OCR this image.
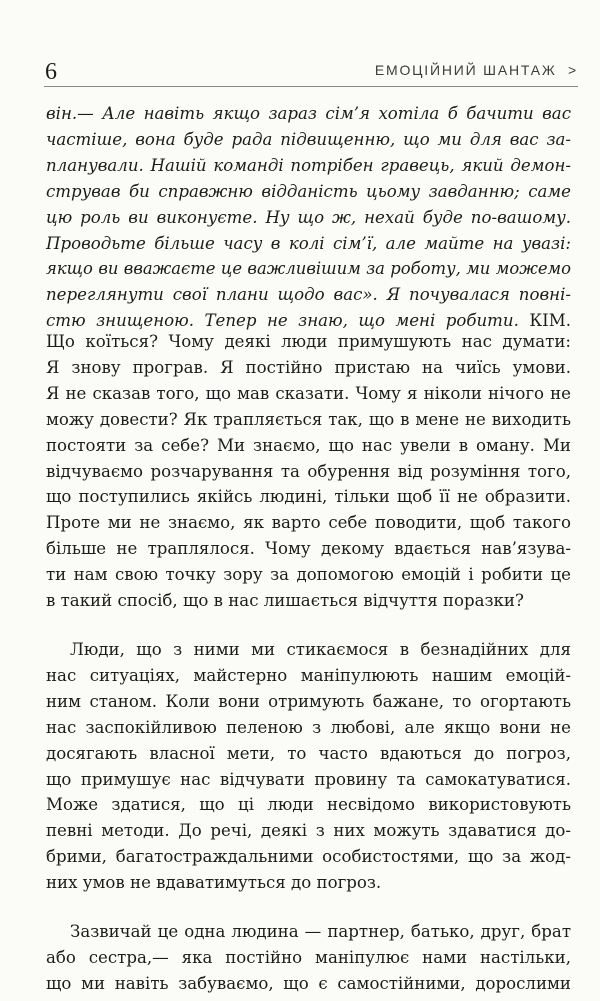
6	ЕМОЦІЙНИЙ ШАНТАЖ >
він.— Але навіть якщо зараз сім’я хотіла б бачити вас
частіше, вона буде рада підвищенню, що ми для вас за-
планували. Нашій команді потрібен гравець, який демон-
стрував би справжню відданість цьому завданню; саме
цю роль ви виконуєте. Ну що ж, нехай буде по-вашому.
Проводьте більше часу в колі сім’ї, але майте на увазі:
якщо ви вважаєте це важливішим за роботу, ми можемо
переглянути свої плани щодо вас». Я почувалася повні-
стю знищеною. Тепер не знаю, що мені робити. КІМ.
Що коїться? Чому деякі люди примушують нас думати:
Я знову програв. Я постійно пристаю на чиїсь умови.
Я не сказав того, що мав сказати. Чому я ніколи нічого не
можу довести? Як трапляється так, що в мене не виходить
постояти за себе? Ми знаємо, що нас увели в оману. Ми
відчуваємо розчарування та обурення від розуміння того,
що поступились якійсь людині, тільки щоб її не образити.
Проте ми не знаємо, як варто себе поводити, щоб такого
більше не траплялося. Чому декому вдається нав’язува-
ти нам свою точку зору за допомогою емоцій і робити це
в такий спосіб, що в нас лишається відчуття поразки?
Люди, що з ними ми стикаємося в безнадійних для
нас ситуаціях, майстерно маніпулюють нашим емоцій-
ним станом. Коли вони отримують бажане, то огортають
нас заспокійливою пеленою з любові, але якщо вони не
досягають власної мети, то часто вдаються до погроз,
що примушує нас відчувати провину та самокатуватися.
Може здатися, що ці люди несвідомо використовують
певні методи. До речі, деякі з них можуть здаватися до-
брими, багатостраждальними особистостями, що за жод-
них умов не вдаватимуться до погроз.
Зазвичай це одна людина — партнер, батько, друг, брат
або сестра,— яка постійно маніпулює нами настільки,
що ми навіть забуваємо, що є самостійними, дорослими
